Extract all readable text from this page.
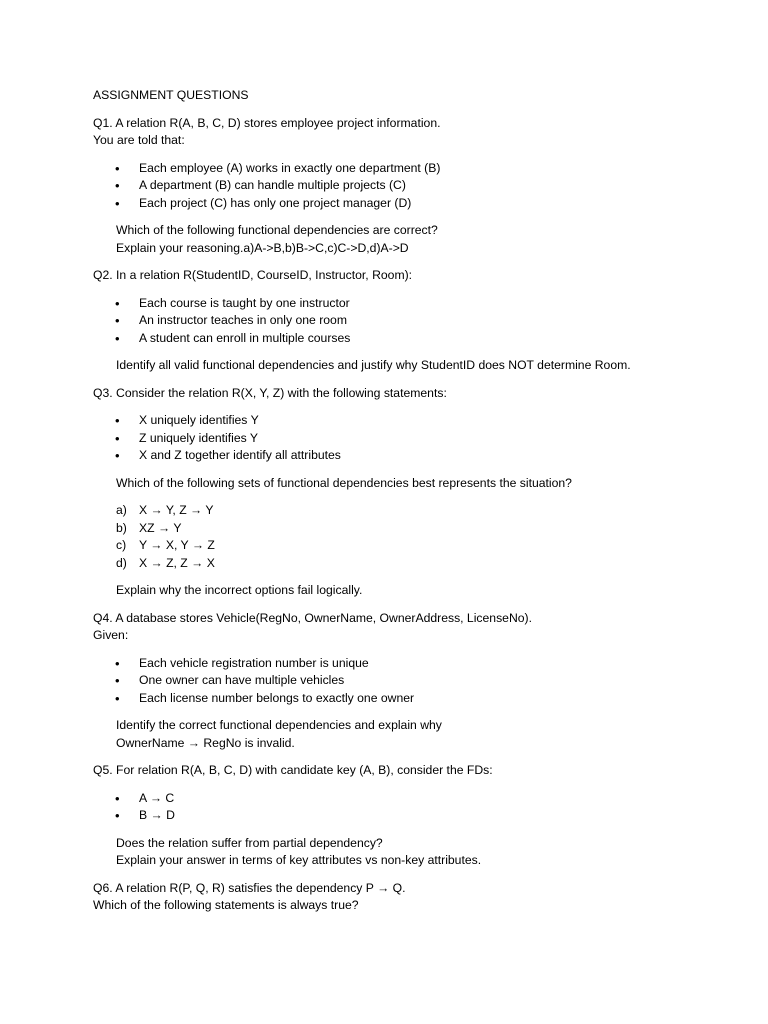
ASSIGNMENT QUESTIONS
Q1. A relation R(A, B, C, D) stores employee project information.
You are told that:
• Each employee (A) works in exactly one department (B)
• A department (B) can handle multiple projects (C)
• Each project (C) has only one project manager (D)
Which of the following functional dependencies are correct?
Explain your reasoning.a)A->B,b)B->C,c)C->D,d)A->D
Q2. In a relation R(StudentID, CourseID, Instructor, Room):
• Each course is taught by one instructor
• An instructor teaches in only one room
• A student can enroll in multiple courses
Identify all valid functional dependencies and justify why StudentID does NOT determine Room.
Q3. Consider the relation R(X, Y, Z) with the following statements:
• X uniquely identifies Y
• Z uniquely identifies Y
• X and Z together identify all attributes
Which of the following sets of functional dependencies best represents the situation?
a) X → Y, Z → Y
b) XZ → Y
c) Y → X, Y → Z
d) X → Z, Z → X
Explain why the incorrect options fail logically.
Q4. A database stores Vehicle(RegNo, OwnerName, OwnerAddress, LicenseNo).
Given:
• Each vehicle registration number is unique
• One owner can have multiple vehicles
• Each license number belongs to exactly one owner
Identify the correct functional dependencies and explain why
OwnerName → RegNo is invalid.
Q5. For relation R(A, B, C, D) with candidate key (A, B), consider the FDs:
• A → C
• B → D
Does the relation suffer from partial dependency?
Explain your answer in terms of key attributes vs non-key attributes.
Q6. A relation R(P, Q, R) satisfies the dependency P → Q.
Which of the following statements is always true?
